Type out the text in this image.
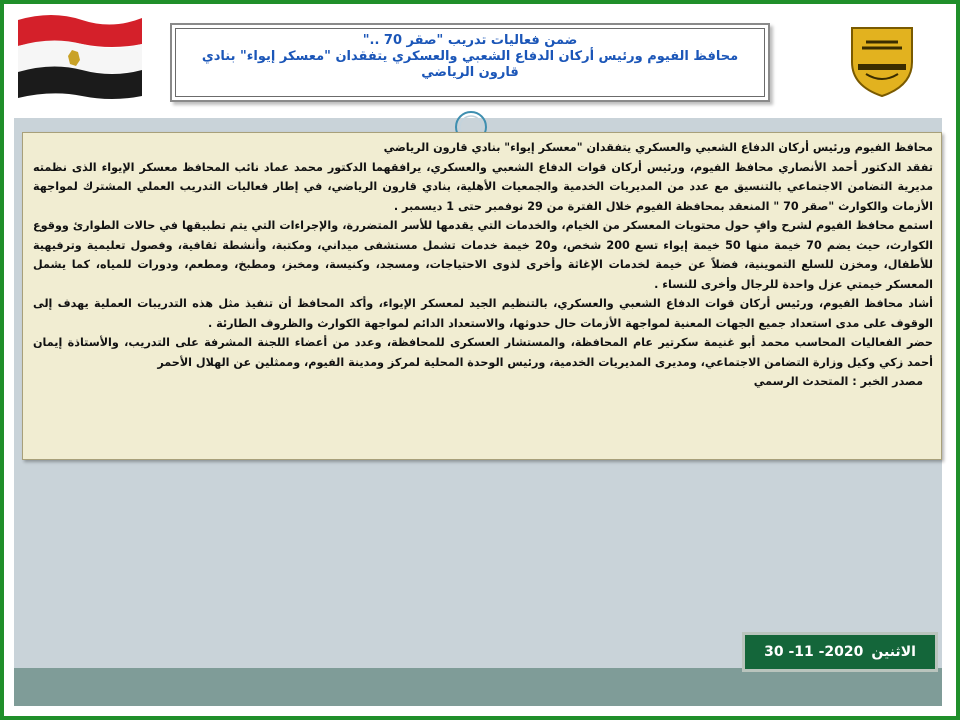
ضمن فعاليات تدريب "صقر 70 .."
محافظ الفيوم ورئيس أركان الدفاع الشعبي والعسكري يتفقدان "معسكر إيواء" بنادي قارون الرياضي

محافظ الفيوم ورئيس أركان الدفاع الشعبي والعسكري يتفقدان "معسكر إيواء" بنادي قارون الرياضي

تفقد الدكتور أحمد الأنصاري محافظ الفيوم، ورئيس أركان قوات الدفاع الشعبي والعسكري، يرافقهما الدكتور محمد عماد نائب المحافظ معسكر الإيواء الذى نظمته مديرية التضامن الاجتماعي بالتنسيق مع عدد من المديريات الخدمية والجمعيات الأهلية، بنادي قارون الرياضي، في إطار فعاليات التدريب العملي المشترك لمواجهة الأزمات والكوارث "صقر 70 " المنعقد بمحافظة الفيوم خلال الفترة من 29 نوفمبر حتى 1 ديسمبر .

استمع محافظ الفيوم لشرح وافٍ حول محتويات المعسكر من الخيام، والخدمات التي يقدمها للأسر المتضررة، والإجراءات التي يتم تطبيقها في حالات الطوارئ ووقوع الكوارث، حيث يضم 70 خيمة منها 50 خيمة إيواء تسع 200 شخص، و20 خيمة خدمات تشمل مستشفى ميداني، ومكتبة، وأنشطة ثقافية، وفصول تعليمية وترفيهية للأطفال، ومخزن للسلع التموينية، فضلاً عن خيمة لخدمات الإغاثة وأخرى لذوى الاحتياجات، ومسجد، وكنيسة، ومخبز، ومطبخ، ومطعم، ودورات للمياه، كما يشمل المعسكر خيمتي عزل واحدة للرجال وأخرى للنساء .

أشاد محافظ الفيوم، ورئيس أركان قوات الدفاع الشعبي والعسكري، بالتنظيم الجيد لمعسكر الإيواء، وأكد المحافظ أن تنفيذ مثل هذه التدريبات العملية يهدف إلى الوقوف على مدى استعداد جميع الجهات المعنية لمواجهة الأزمات حال حدوثها، والاستعداد الدائم لمواجهة الكوارث والظروف الطارئة .

حضر الفعاليات المحاسب محمد أبو غنيمة سكرتير عام المحافظة، والمستشار العسكرى للمحافظة، وعدد من أعضاء اللجنة المشرفة على التدريب، والأستاذة إيمان أحمد زكي وكيل وزارة التضامن الاجتماعي، ومديرى المديريات الخدمية، ورئيس الوحدة المحلية لمركز ومدينة الفيوم، وممثلين عن الهلال الأحمر

مصدر الخبر : المتحدث الرسمي

الاثنين
30 -11 -2020
